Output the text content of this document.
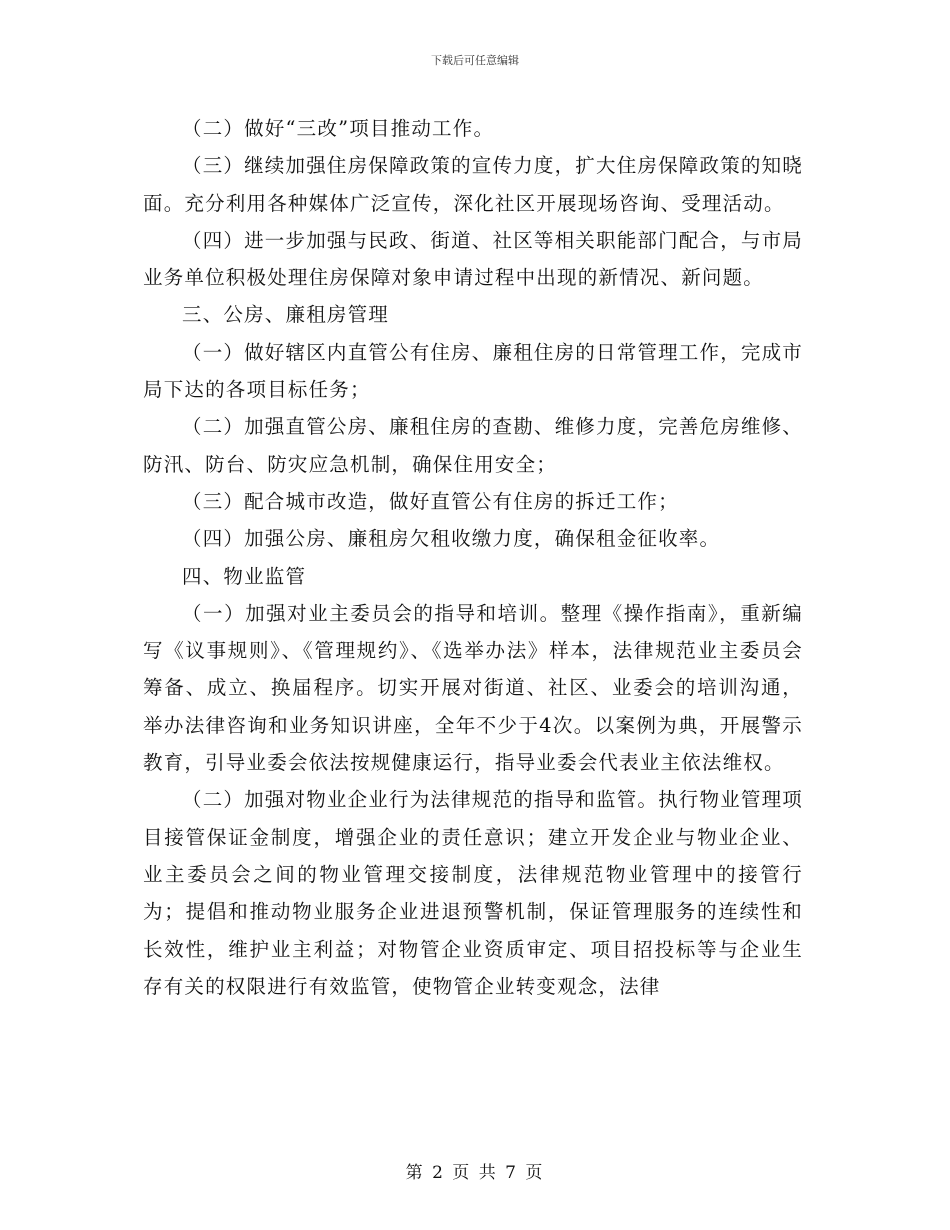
下载后可任意编辑

（二）做好“三改”项目推动工作。

（三）继续加强住房保障政策的宣传力度，扩大住房保障政策的知晓面。充分利用各种媒体广泛宣传，深化社区开展现场咨询、受理活动。

（四）进一步加强与民政、街道、社区等相关职能部门配合，与市局业务单位积极处理住房保障对象申请过程中出现的新情况、新问题。

三、公房、廉租房管理

（一）做好辖区内直管公有住房、廉租住房的日常管理工作，完成市局下达的各项目标任务；

（二）加强直管公房、廉租住房的查勘、维修力度，完善危房维修、防汛、防台、防灾应急机制，确保住用安全；

（三）配合城市改造，做好直管公有住房的拆迁工作；

（四）加强公房、廉租房欠租收缴力度，确保租金征收率。

四、物业监管

（一）加强对业主委员会的指导和培训。整理《操作指南》，重新编写《议事规则》、《管理规约》、《选举办法》样本，法律规范业主委员会筹备、成立、换届程序。切实开展对街道、社区、业委会的培训沟通，举办法律咨询和业务知识讲座，全年不少于4次。以案例为典，开展警示教育，引导业委会依法按规健康运行，指导业委会代表业主依法维权。

（二）加强对物业企业行为法律规范的指导和监管。执行物业管理项目接管保证金制度，增强企业的责任意识；建立开发企业与物业企业、业主委员会之间的物业管理交接制度，法律规范物业管理中的接管行为；提倡和推动物业服务企业进退预警机制，保证管理服务的连续性和长效性，维护业主利益；对物管企业资质审定、项目招投标等与企业生存有关的权限进行有效监管，使物管企业转变观念，法律

第 2 页 共 7 页
